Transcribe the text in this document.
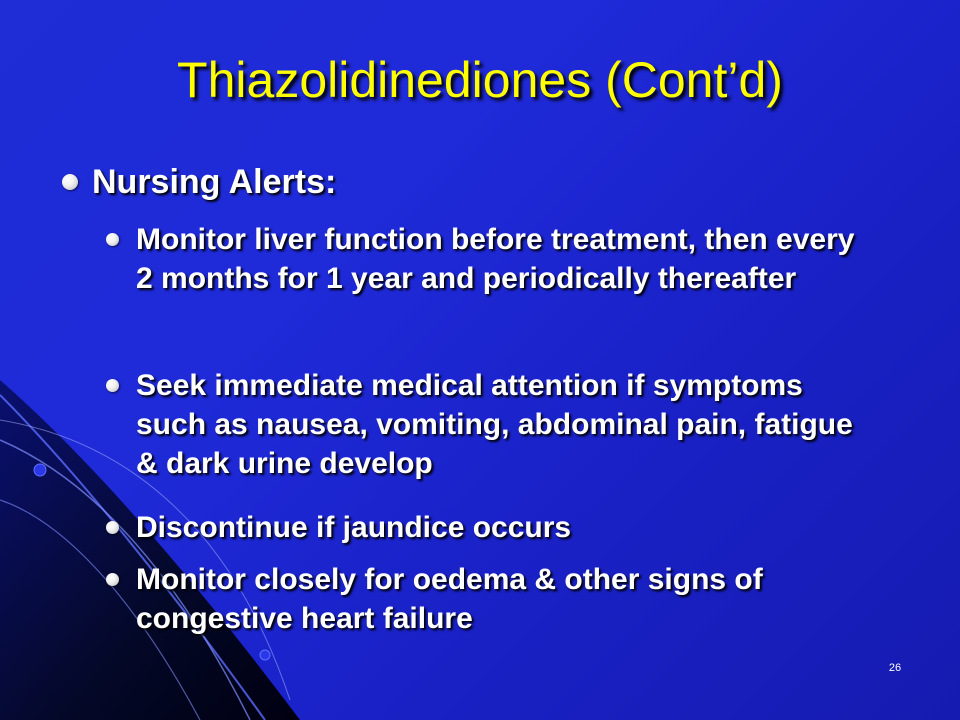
Thiazolidinediones (Cont’d)
Nursing Alerts:
Monitor liver function before treatment, then every 2 months for 1 year and periodically thereafter
Seek immediate medical attention if symptoms such as nausea, vomiting, abdominal pain, fatigue & dark urine develop
Discontinue if jaundice occurs
Monitor closely for oedema & other signs of congestive heart failure
26
